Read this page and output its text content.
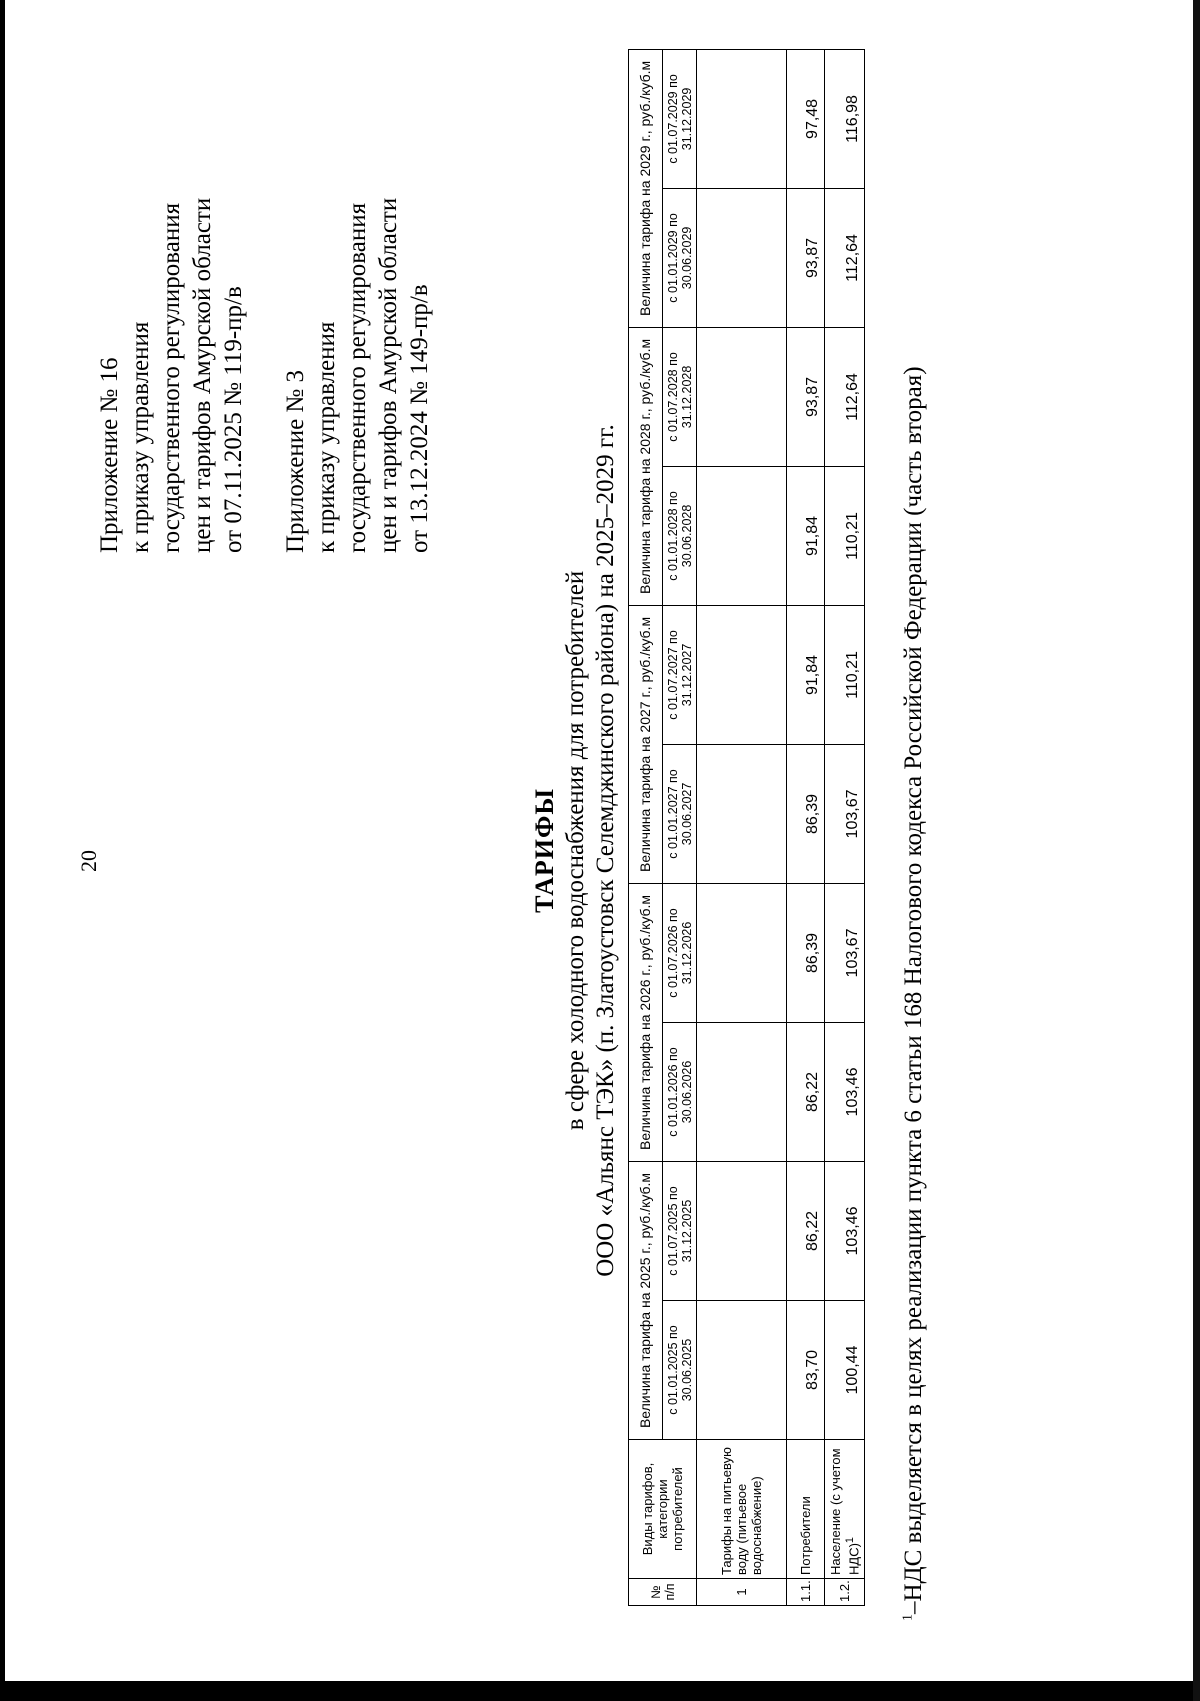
20
Приложение № 16 к приказу управления государственного регулирования цен и тарифов Амурской области от 07.11.2025 № 119-пр/в Приложение № 3 к приказу управления государственного регулирования цен и тарифов Амурской области от 13.12.2024 № 149-пр/в
ТАРИФЫ в сфере холодного водоснабжения для потребителей ООО «Альянс ТЭК» (п. Златоустовск Селемджинского района) на 2025–2029 гг.
№ п/п	Виды тарифов, категории потребителей	Величина тарифа на 2025 г., руб./куб.м		Величина тарифа на 2026 г., руб./куб.м		Величина тарифа на 2027 г., руб./куб.м		Величина тарифа на 2028 г., руб./куб.м		Величина тарифа на 2029 г., руб./куб.м	
		с 01.01.2025 по 30.06.2025	с 01.07.2025 по 31.12.2025	с 01.01.2026 по 30.06.2026	с 01.07.2026 по 31.12.2026	с 01.01.2027 по 30.06.2027	с 01.07.2027 по 31.12.2027	с 01.01.2028 по 30.06.2028	с 01.07.2028 по 31.12.2028	с 01.01.2029 по 30.06.2029	с 01.07.2029 по 31.12.2029
1	Тарифы на питьевую воду (питьевое водоснабжение)										
1.1.	Потребители	83,70	86,22	86,22	86,39	86,39	91,84	91,84	93,87	93,87	97,48
1.2.	Население (с учетом НДС)$^1$	100,44	103,46	103,46	103,67	103,67	110,21	110,21	112,64	112,64	116,98
$^1$–НДС выделяется в целях реализации пункта 6 статьи 168 Налогового кодекса Российской Федерации (часть вторая)
